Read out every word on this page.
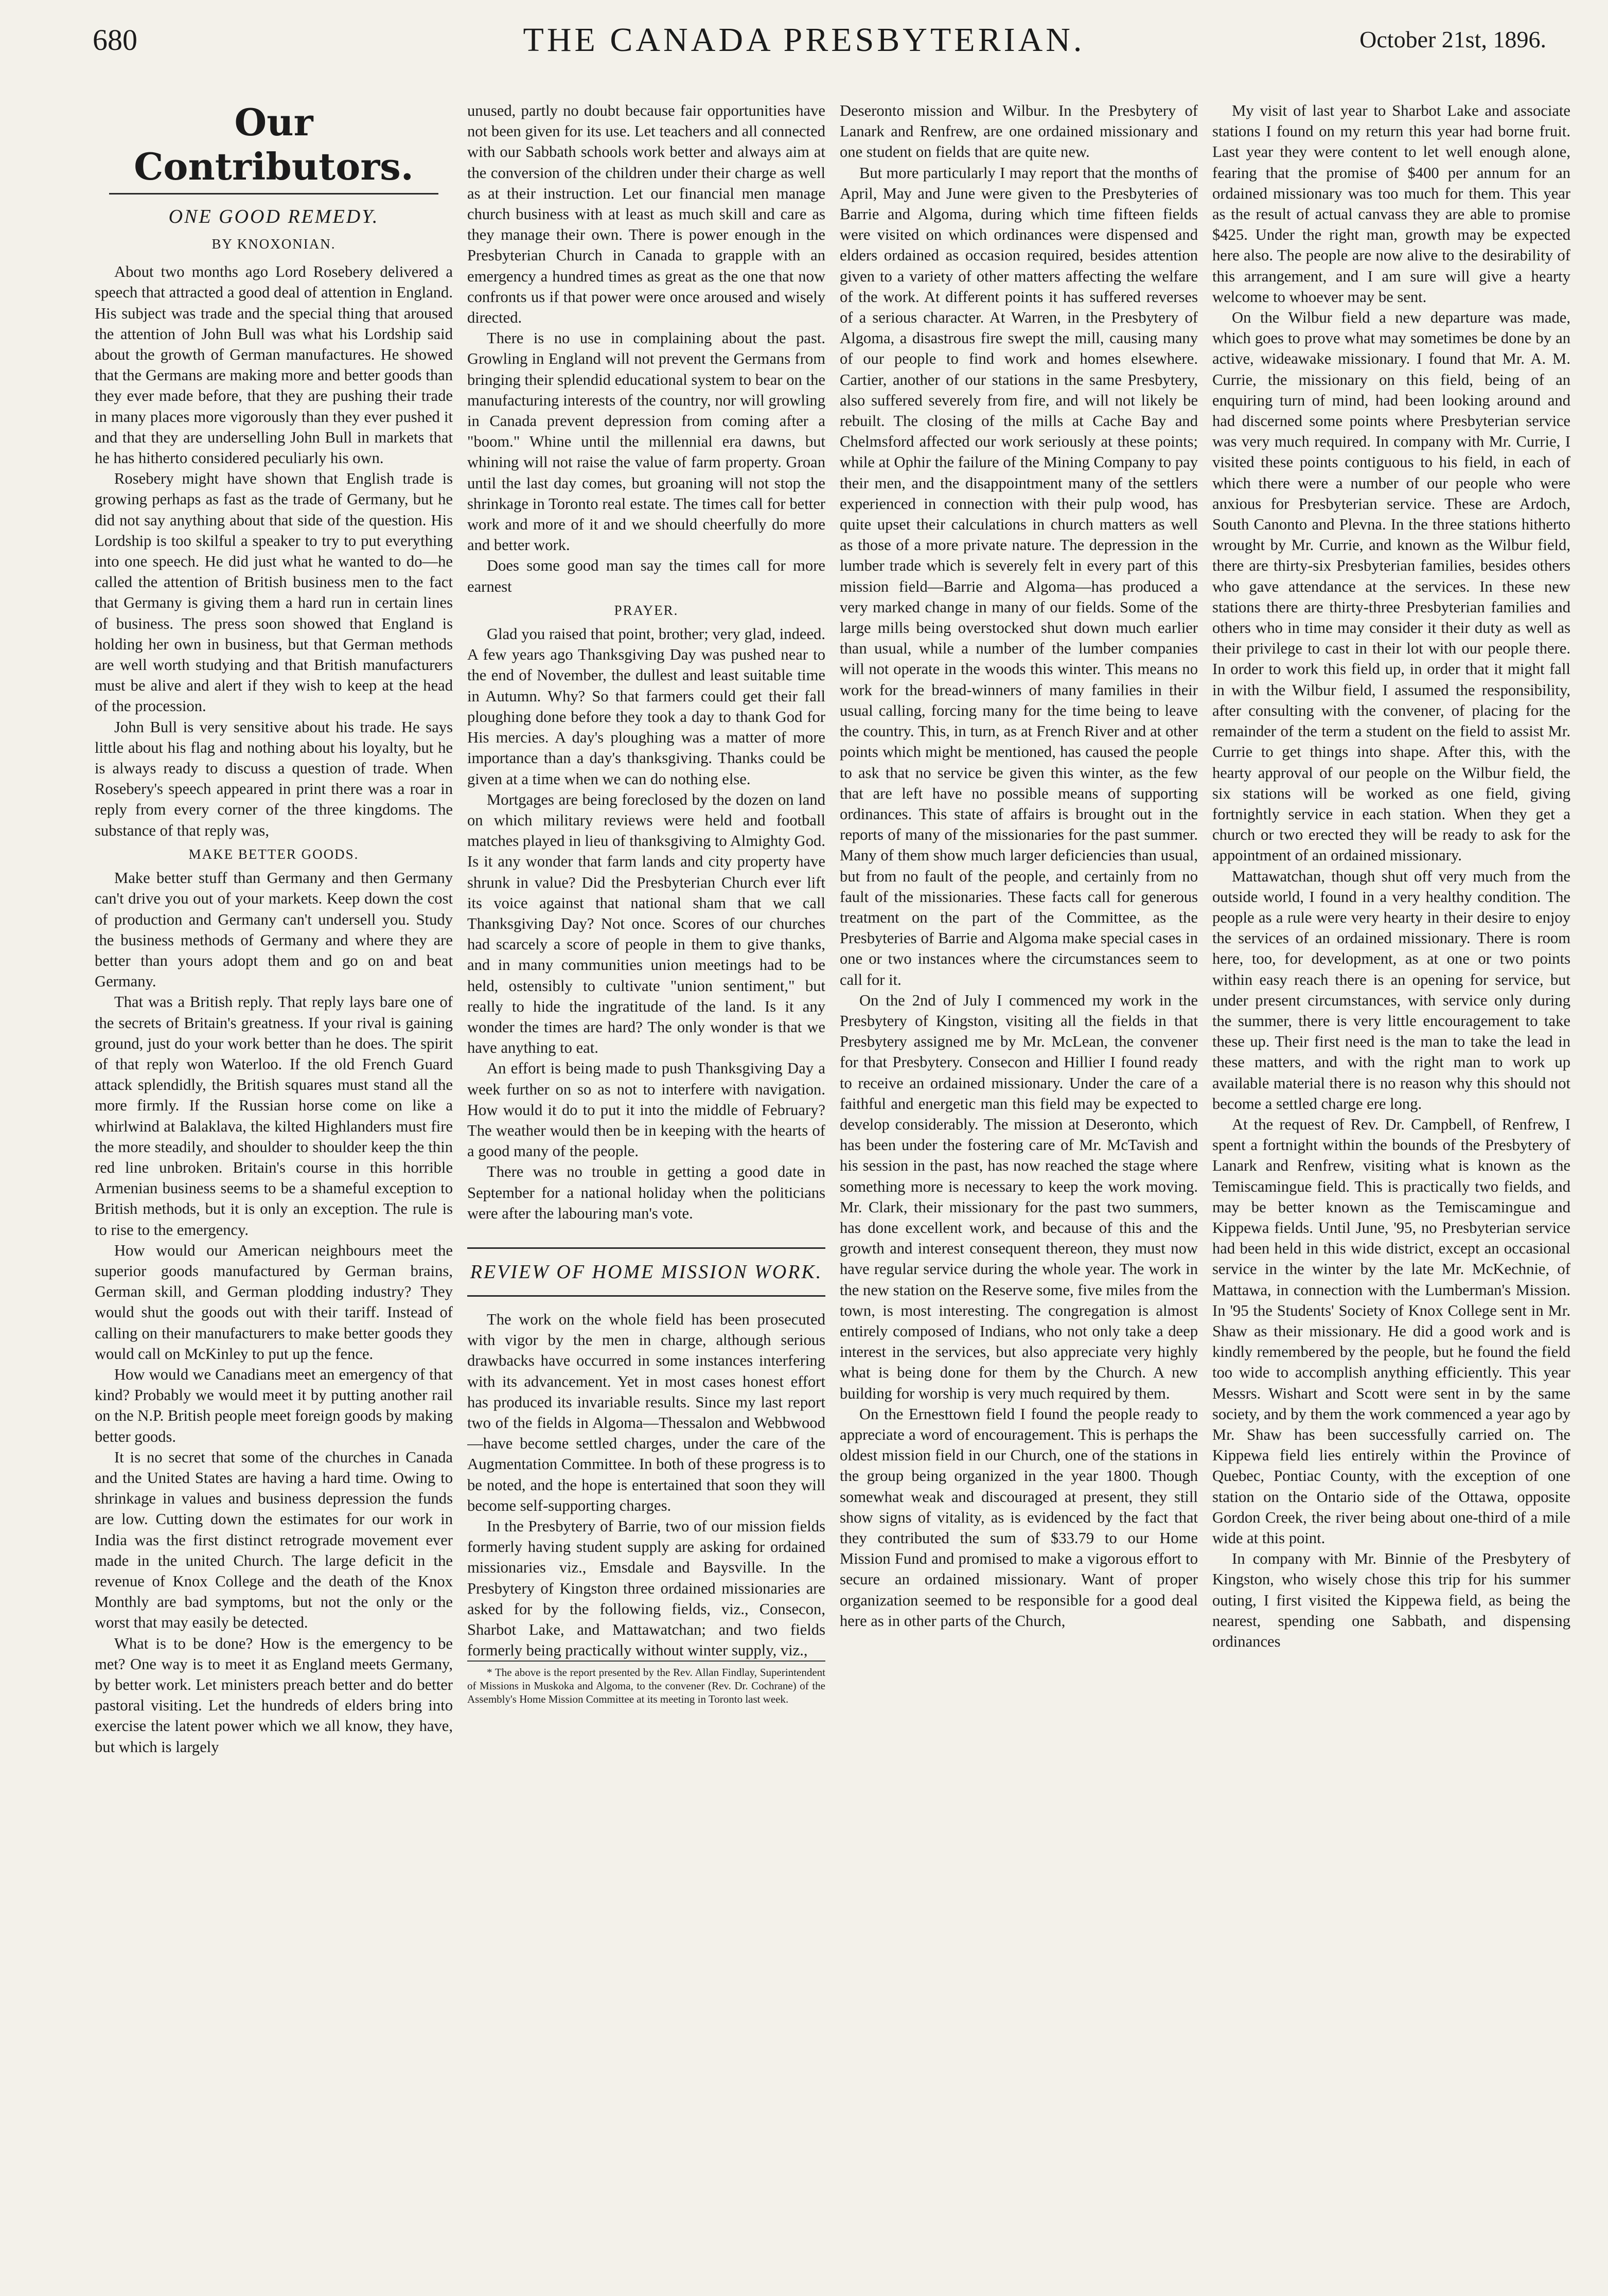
680	THE CANADA PRESBYTERIAN.	October 21st, 1896.
Our Contributors.
ONE GOOD REMEDY.
BY KNOXONIAN.

About two months ago Lord Rosebery delivered a speech that attracted a good deal of attention in England. His subject was trade and the special thing that aroused the attention of John Bull was what his Lordship said about the growth of German manufactures. He showed that the Germans are making more and better goods than they ever made before, that they are pushing their trade in many places more vigorously than they ever pushed it and that they are underselling John Bull in markets that he has hitherto considered peculiarly his own.

Rosebery might have shown that English trade is growing perhaps as fast as the trade of Germany, but he did not say anything about that side of the question. His Lordship is too skilful a speaker to try to put everything into one speech. He did just what he wanted to do—he called the attention of British business men to the fact that Germany is giving them a hard run in certain lines of business. The press soon showed that England is holding her own in business, but that German methods are well worth studying and that British manufacturers must be alive and alert if they wish to keep at the head of the procession.

John Bull is very sensitive about his trade. He says little about his flag and nothing about his loyalty, but he is always ready to discuss a question of trade. When Rosebery's speech appeared in print there was a roar in reply from every corner of the three kingdoms. The substance of that reply was,

MAKE BETTER GOODS.

Make better stuff than Germany and then Germany can't drive you out of your markets. Keep down the cost of production and Germany can't undersell you. Study the business methods of Germany and where they are better than yours adopt them and go on and beat Germany.

That was a British reply. That reply lays bare one of the secrets of Britain's greatness. If your rival is gaining ground, just do your work better than he does. The spirit of that reply won Waterloo. If the old French Guard attack splendidly, the British squares must stand all the more firmly. If the Russian horse come on like a whirlwind at Balaklava, the kilted Highlanders must fire the more steadily, and shoulder to shoulder keep the thin red line unbroken. Britain's course in this horrible Armenian business seems to be a shameful exception to British methods, but it is only an exception. The rule is to rise to the emergency.

How would our American neighbours meet the superior goods manufactured by German brains, German skill, and German plodding industry? They would shut the goods out with their tariff. Instead of calling on their manufacturers to make better goods they would call on McKinley to put up the fence.

How would we Canadians meet an emergency of that kind? Probably we would meet it by putting another rail on the N.P. British people meet foreign goods by making better goods.

It is no secret that some of the churches in Canada and the United States are having a hard time. Owing to shrinkage in values and business depression the funds are low. Cutting down the estimates for our work in India was the first distinct retrograde movement ever made in the united Church. The large deficit in the revenue of Knox College and the death of the Knox Monthly are bad symptoms, but not the only or the worst that may easily be detected.

What is to be done? How is the emergency to be met? One way is to meet it as England meets Germany, by better work. Let ministers preach better and do better pastoral visiting. Let the hundreds of elders bring into exercise the latent power which we all know, they have, but which is largely

unused, partly no doubt because fair opportunities have not been given for its use. Let teachers and all connected with our Sabbath schools work better and always aim at the conversion of the children under their charge as well as at their instruction. Let our financial men manage church business with at least as much skill and care as they manage their own. There is power enough in the Presbyterian Church in Canada to grapple with an emergency a hundred times as great as the one that now confronts us if that power were once aroused and wisely directed.

There is no use in complaining about the past. Growling in England will not prevent the Germans from bringing their splendid educational system to bear on the manufacturing interests of the country, nor will growling in Canada prevent depression from coming after a "boom." Whine until the millennial era dawns, but whining will not raise the value of farm property. Groan until the last day comes, but groaning will not stop the shrinkage in Toronto real estate. The times call for better work and more of it and we should cheerfully do more and better work.

Does some good man say the times call for more earnest

PRAYER.

Glad you raised that point, brother; very glad, indeed. A few years ago Thanksgiving Day was pushed near to the end of November, the dullest and least suitable time in Autumn. Why? So that farmers could get their fall ploughing done before they took a day to thank God for His mercies. A day's ploughing was a matter of more importance than a day's thanksgiving. Thanks could be given at a time when we can do nothing else.

Mortgages are being foreclosed by the dozen on land on which military reviews were held and football matches played in lieu of thanksgiving to Almighty God. Is it any wonder that farm lands and city property have shrunk in value? Did the Presbyterian Church ever lift its voice against that national sham that we call Thanksgiving Day? Not once. Scores of our churches had scarcely a score of people in them to give thanks, and in many communities union meetings had to be held, ostensibly to cultivate "union sentiment," but really to hide the ingratitude of the land. Is it any wonder the times are hard? The only wonder is that we have anything to eat.

An effort is being made to push Thanksgiving Day a week further on so as not to interfere with navigation. How would it do to put it into the middle of February? The weather would then be in keeping with the hearts of a good many of the people.

There was no trouble in getting a good date in September for a national holiday when the politicians were after the labouring man's vote.

REVIEW OF HOME MISSION WORK.

The work on the whole field has been prosecuted with vigor by the men in charge, although serious drawbacks have occurred in some instances interfering with its advancement. Yet in most cases honest effort has produced its invariable results. Since my last report two of the fields in Algoma—Thessalon and Webbwood—have become settled charges, under the care of the Augmentation Committee. In both of these progress is to be noted, and the hope is entertained that soon they will become self-supporting charges.

In the Presbytery of Barrie, two of our mission fields formerly having student supply are asking for ordained missionaries viz., Emsdale and Baysville. In the Presbytery of Kingston three ordained missionaries are asked for by the following fields, viz., Consecon, Sharbot Lake, and Mattawatchan; and two fields formerly being practically without winter supply, viz.,

* The above is the report presented by the Rev. Allan Findlay, Superintendent of Missions in Muskoka and Algoma, to the convener (Rev. Dr. Cochrane) of the Assembly's Home Mission Committee at its meeting in Toronto last week.

Deseronto mission and Wilbur. In the Presbytery of Lanark and Renfrew, are one ordained missionary and one student on fields that are quite new.

But more particularly I may report that the months of April, May and June were given to the Presbyteries of Barrie and Algoma, during which time fifteen fields were visited on which ordinances were dispensed and elders ordained as occasion required, besides attention given to a variety of other matters affecting the welfare of the work. At different points it has suffered reverses of a serious character. At Warren, in the Presbytery of Algoma, a disastrous fire swept the mill, causing many of our people to find work and homes elsewhere. Cartier, another of our stations in the same Presbytery, also suffered severely from fire, and will not likely be rebuilt. The closing of the mills at Cache Bay and Chelmsford affected our work seriously at these points; while at Ophir the failure of the Mining Company to pay their men, and the disappointment many of the settlers experienced in connection with their pulp wood, has quite upset their calculations in church matters as well as those of a more private nature. The depression in the lumber trade which is severely felt in every part of this mission field—Barrie and Algoma—has produced a very marked change in many of our fields. Some of the large mills being overstocked shut down much earlier than usual, while a number of the lumber companies will not operate in the woods this winter. This means no work for the bread-winners of many families in their usual calling, forcing many for the time being to leave the country. This, in turn, as at French River and at other points which might be mentioned, has caused the people to ask that no service be given this winter, as the few that are left have no possible means of supporting ordinances. This state of affairs is brought out in the reports of many of the missionaries for the past summer. Many of them show much larger deficiencies than usual, but from no fault of the people, and certainly from no fault of the missionaries. These facts call for generous treatment on the part of the Committee, as the Presbyteries of Barrie and Algoma make special cases in one or two instances where the circumstances seem to call for it.

On the 2nd of July I commenced my work in the Presbytery of Kingston, visiting all the fields in that Presbytery assigned me by Mr. McLean, the convener for that Presbytery. Consecon and Hillier I found ready to receive an ordained missionary. Under the care of a faithful and energetic man this field may be expected to develop considerably. The mission at Deseronto, which has been under the fostering care of Mr. McTavish and his session in the past, has now reached the stage where something more is necessary to keep the work moving. Mr. Clark, their missionary for the past two summers, has done excellent work, and because of this and the growth and interest consequent thereon, they must now have regular service during the whole year. The work in the new station on the Reserve some, five miles from the town, is most interesting. The congregation is almost entirely composed of Indians, who not only take a deep interest in the services, but also appreciate very highly what is being done for them by the Church. A new building for worship is very much required by them.

On the Ernesttown field I found the people ready to appreciate a word of encouragement. This is perhaps the oldest mission field in our Church, one of the stations in the group being organized in the year 1800. Though somewhat weak and discouraged at present, they still show signs of vitality, as is evidenced by the fact that they contributed the sum of $33.79 to our Home Mission Fund and promised to make a vigorous effort to secure an ordained missionary. Want of proper organization seemed to be responsible for a good deal here as in other parts of the Church,

My visit of last year to Sharbot Lake and associate stations I found on my return this year had borne fruit. Last year they were content to let well enough alone, fearing that the promise of $400 per annum for an ordained missionary was too much for them. This year as the result of actual canvass they are able to promise $425. Under the right man, growth may be expected here also. The people are now alive to the desirability of this arrangement, and I am sure will give a hearty welcome to whoever may be sent.

On the Wilbur field a new departure was made, which goes to prove what may sometimes be done by an active, wideawake missionary. I found that Mr. A. M. Currie, the missionary on this field, being of an enquiring turn of mind, had been looking around and had discerned some points where Presbyterian service was very much required. In company with Mr. Currie, I visited these points contiguous to his field, in each of which there were a number of our people who were anxious for Presbyterian service. These are Ardoch, South Canonto and Plevna. In the three stations hitherto wrought by Mr. Currie, and known as the Wilbur field, there are thirty-six Presbyterian families, besides others who gave attendance at the services. In these new stations there are thirty-three Presbyterian families and others who in time may consider it their duty as well as their privilege to cast in their lot with our people there. In order to work this field up, in order that it might fall in with the Wilbur field, I assumed the responsibility, after consulting with the convener, of placing for the remainder of the term a student on the field to assist Mr. Currie to get things into shape. After this, with the hearty approval of our people on the Wilbur field, the six stations will be worked as one field, giving fortnightly service in each station. When they get a church or two erected they will be ready to ask for the appointment of an ordained missionary.

Mattawatchan, though shut off very much from the outside world, I found in a very healthy condition. The people as a rule were very hearty in their desire to enjoy the services of an ordained missionary. There is room here, too, for development, as at one or two points within easy reach there is an opening for service, but under present circumstances, with service only during the summer, there is very little encouragement to take these up. Their first need is the man to take the lead in these matters, and with the right man to work up available material there is no reason why this should not become a settled charge ere long.

At the request of Rev. Dr. Campbell, of Renfrew, I spent a fortnight within the bounds of the Presbytery of Lanark and Renfrew, visiting what is known as the Temiscamingue field. This is practically two fields, and may be better known as the Temiscamingue and Kippewa fields. Until June, '95, no Presbyterian service had been held in this wide district, except an occasional service in the winter by the late Mr. McKechnie, of Mattawa, in connection with the Lumberman's Mission. In '95 the Students' Society of Knox College sent in Mr. Shaw as their missionary. He did a good work and is kindly remembered by the people, but he found the field too wide to accomplish anything efficiently. This year Messrs. Wishart and Scott were sent in by the same society, and by them the work commenced a year ago by Mr. Shaw has been successfully carried on. The Kippewa field lies entirely within the Province of Quebec, Pontiac County, with the exception of one station on the Ontario side of the Ottawa, opposite Gordon Creek, the river being about one-third of a mile wide at this point.

In company with Mr. Binnie of the Presbytery of Kingston, who wisely chose this trip for his summer outing, I first visited the Kippewa field, as being the nearest, spending one Sabbath, and dispensing ordinances
